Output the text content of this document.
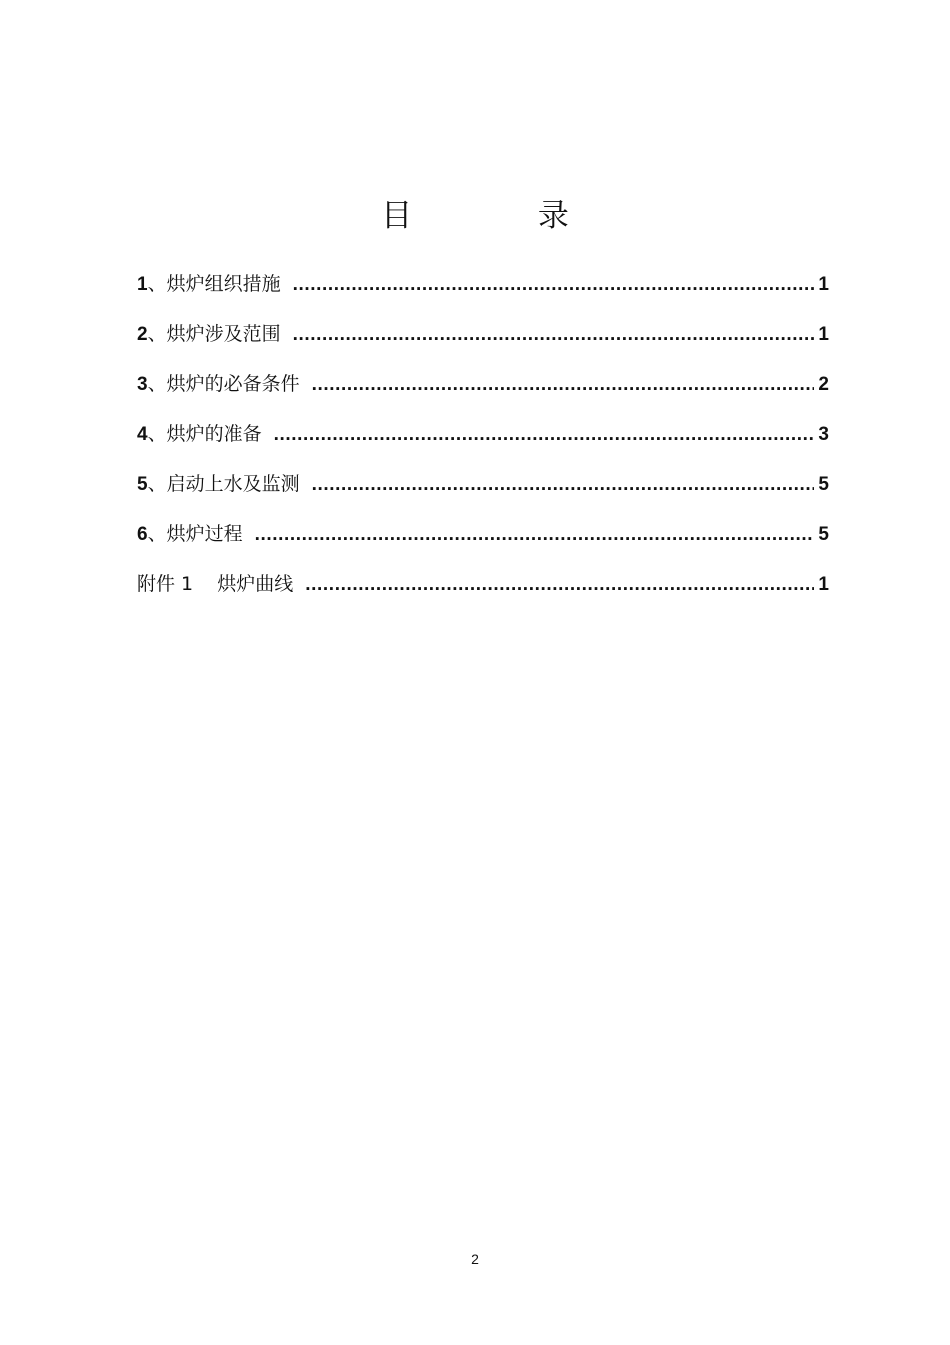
目 录
1 、烘炉组织措施 .....	1
2 、烘炉涉及范围 .....	1
3 、烘炉的必备条件 .....	2
4 、烘炉的准备 .....	3
5 、启动上水及监测 .....	5
6 、烘炉过程 .....	5
附件 1    烘炉曲线 .....	1
2
